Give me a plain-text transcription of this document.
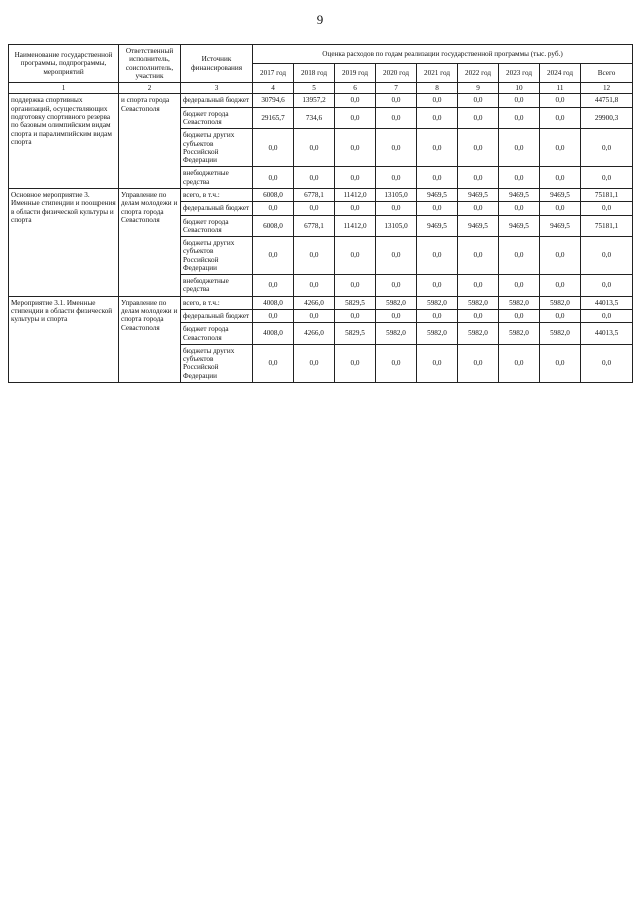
9
Наименование государственной программы, подпрограммы, мероприятий	Ответственный исполнитель, соисполнитель, участник	Источник финансирования	Оценка расходов по годам реализации государственной программы (тыс. руб.)								
			2017 год	2018 год	2019 год	2020 год	2021 год	2022 год	2023 год	2024 год	Всего
1	2	3	4	5	6	7	8	9	10	11	12
поддержка спортивных организаций, осуществляющих подготовку спортивного резерва по базовым олимпийским видам спорта и паралимпийским видам спорта	и спорта города Севастополя	федеральный бюджет	30794,6	13957,2	0,0	0,0	0,0	0,0	0,0	0,0	44751,8
		бюджет города Севастополя	29165,7	734,6	0,0	0,0	0,0	0,0	0,0	0,0	29900,3
		бюджеты других субъектов Российской Федерации	0,0	0,0	0,0	0,0	0,0	0,0	0,0	0,0	0,0
		внебюджетные средства	0,0	0,0	0,0	0,0	0,0	0,0	0,0	0,0	0,0
Основное мероприятие 3. Именные стипендии и поощрения в области физической культуры и спорта	Управление по делам молодежи и спорта города Севастополя	всего, в т.ч.:	6008,0	6778,1	11412,0	13105,0	9469,5	9469,5	9469,5	9469,5	75181,1
		федеральный бюджет	0,0	0,0	0,0	0,0	0,0	0,0	0,0	0,0	0,0
		бюджет города Севастополя	6008,0	6778,1	11412,0	13105,0	9469,5	9469,5	9469,5	9469,5	75181,1
		бюджеты других субъектов Российской Федерации	0,0	0,0	0,0	0,0	0,0	0,0	0,0	0,0	0,0
		внебюджетные средства	0,0	0,0	0,0	0,0	0,0	0,0	0,0	0,0	0,0
Мероприятие 3.1. Именные стипендии в области физической культуры и спорта	Управление по делам молодежи и спорта города Севастополя	всего, в т.ч.:	4008,0	4266,0	5829,5	5982,0	5982,0	5982,0	5982,0	5982,0	44013,5
		федеральный бюджет	0,0	0,0	0,0	0,0	0,0	0,0	0,0	0,0	0,0
		бюджет города Севастополя	4008,0	4266,0	5829,5	5982,0	5982,0	5982,0	5982,0	5982,0	44013,5
		бюджеты других субъектов Российской Федерации	0,0	0,0	0,0	0,0	0,0	0,0	0,0	0,0	0,0
